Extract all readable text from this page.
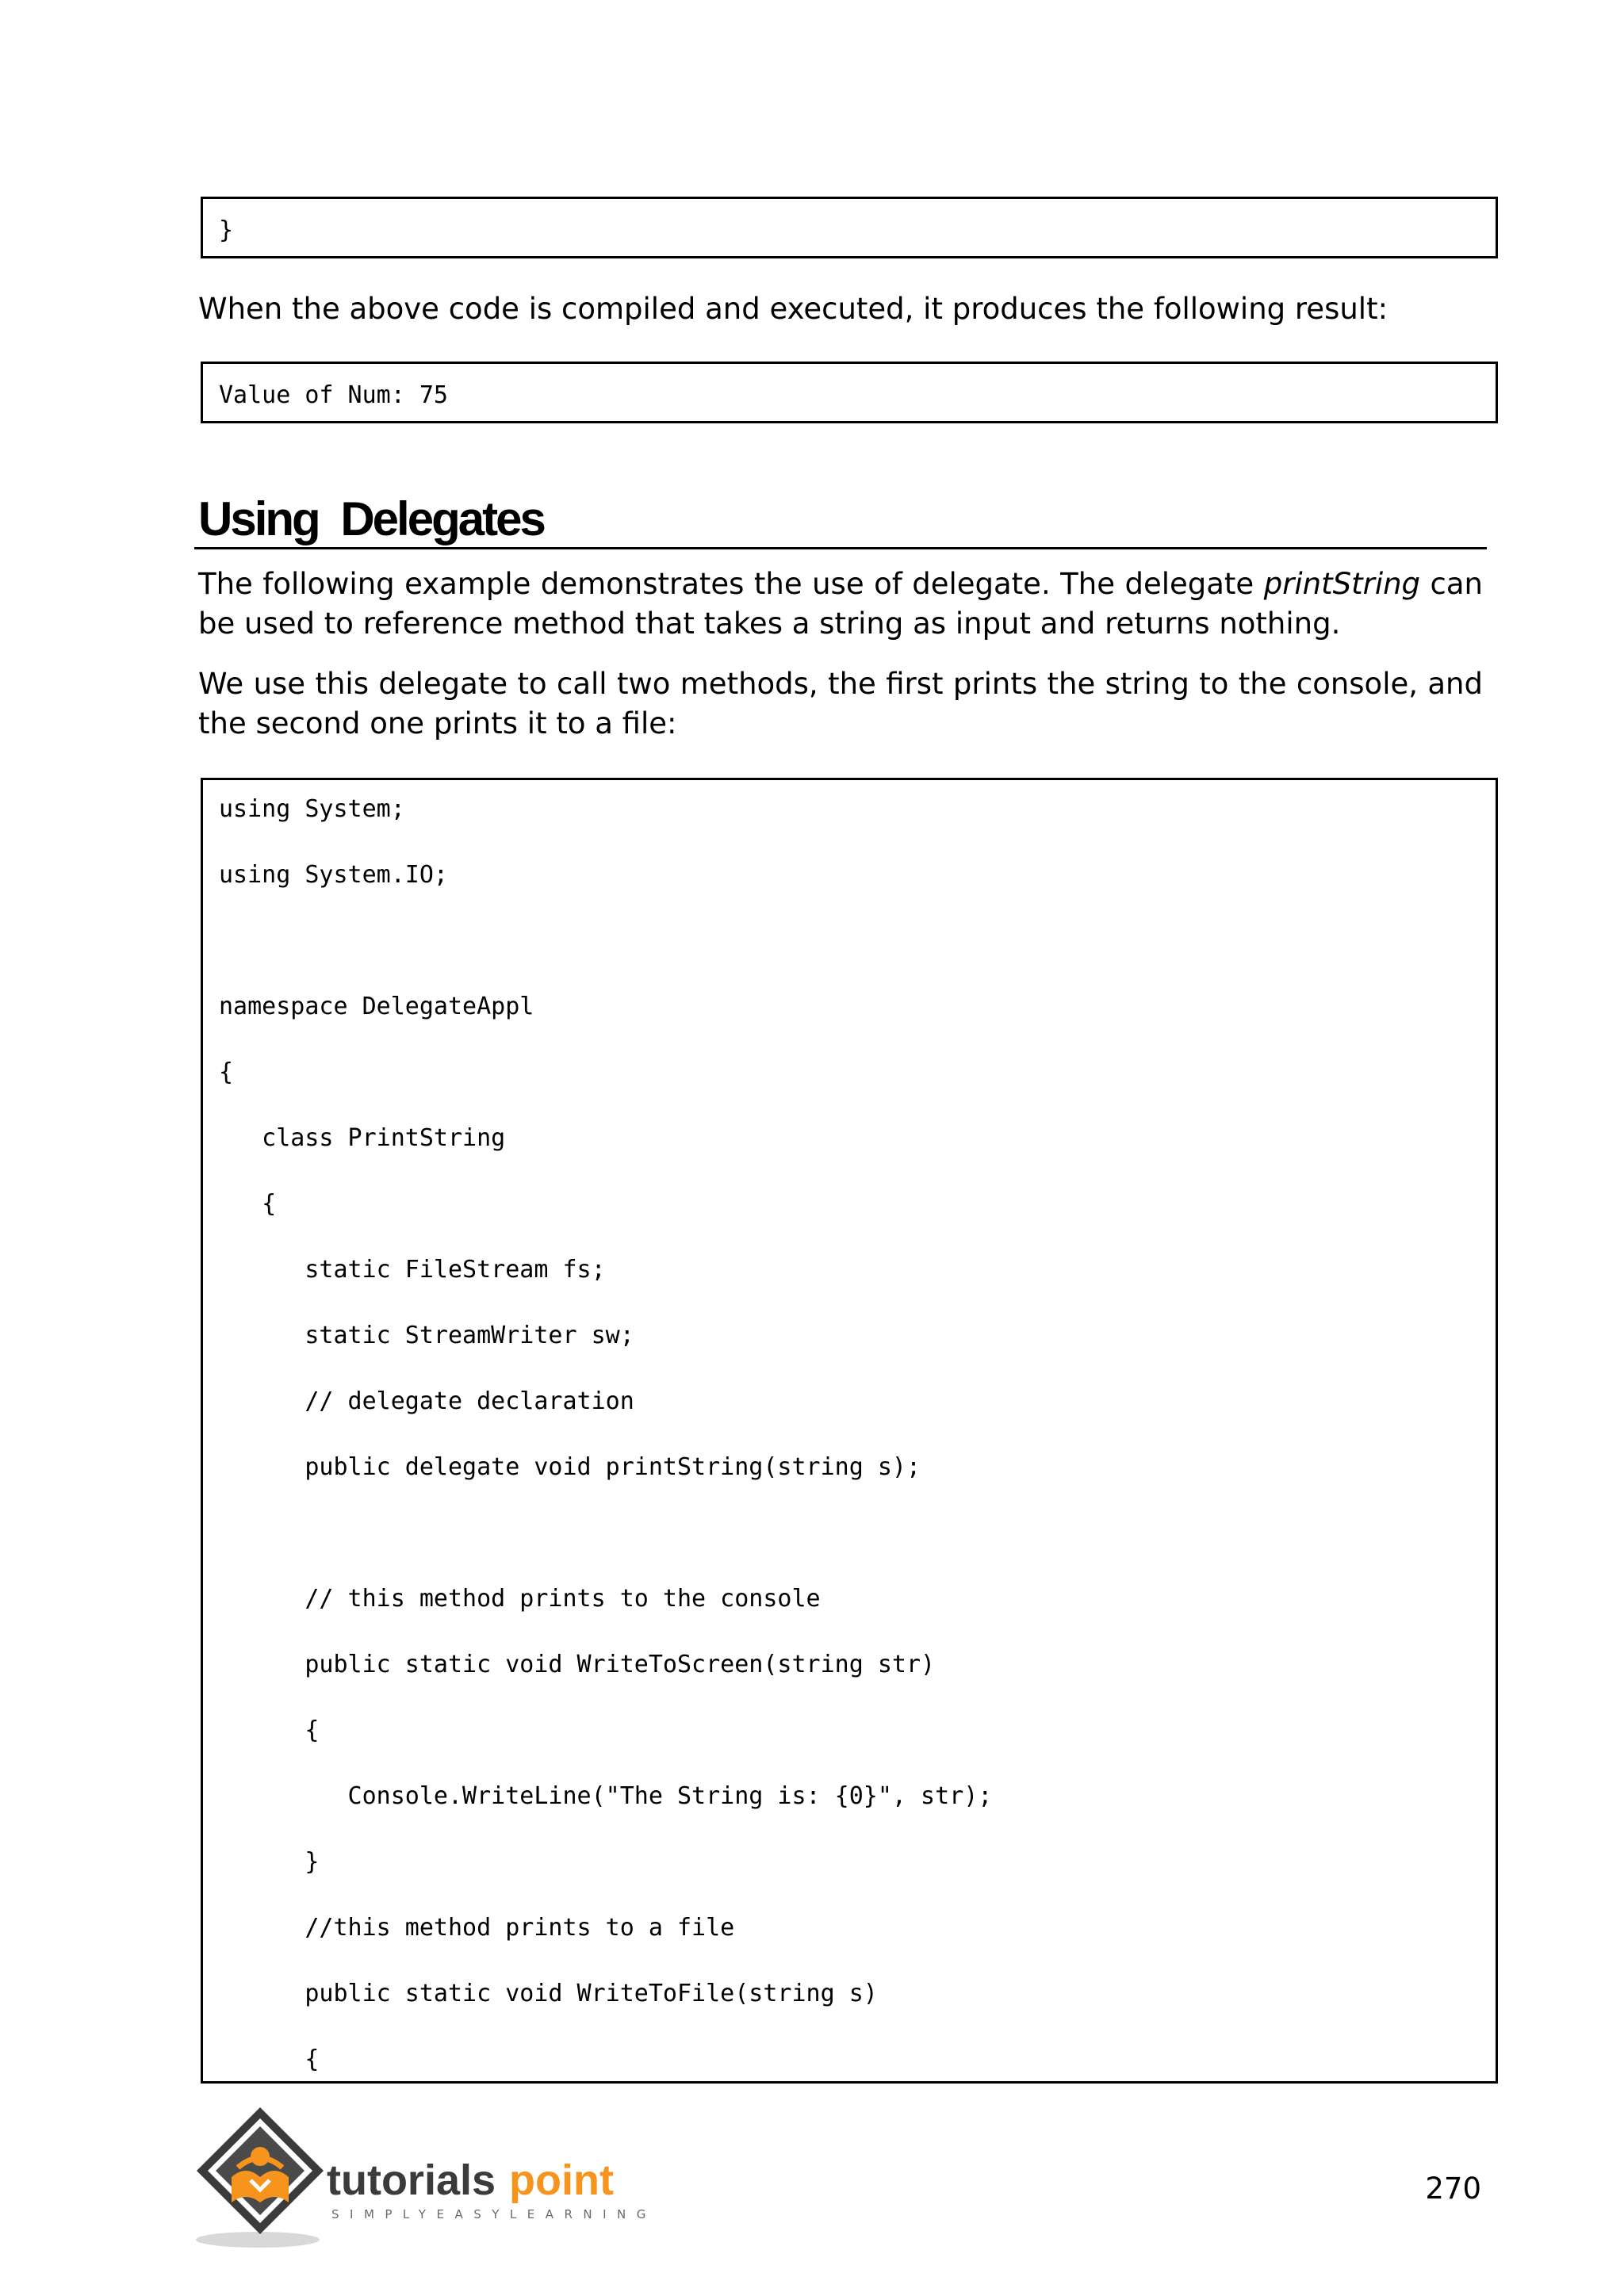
}

When the above code is compiled and executed, it produces the following result:

Value of Num: 75
Using Delegates

The following example demonstrates the use of delegate. The delegate printString can be used to reference method that takes a string as input and returns nothing.

We use this delegate to call two methods, the first prints the string to the console, and the second one prints it to a file:

using System;
using System.IO;
namespace DelegateAppl
{
class PrintString
{
static FileStream fs;
static StreamWriter sw;
// delegate declaration
public delegate void printString(string s);
// this method prints to the console
public static void WriteToScreen(string str)
{
Console.WriteLine("The String is: {0}", str);
}
//this method prints to a file
public static void WriteToFile(string s)
{
tutorials point
SIMPLYEASYLEARNING
270
